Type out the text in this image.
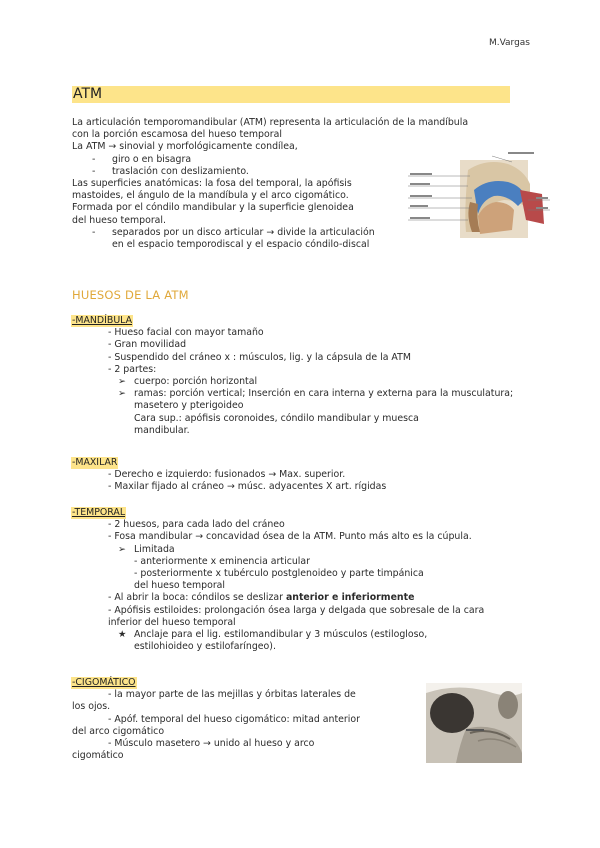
M.Vargas
ATM

La articulación temporomandibular (ATM) representa la articulación de la mandíbula
con la porción escamosa del hueso temporal

La ATM → sinovial y morfológicamente condílea,

-	giro o en bisagra
-	traslación con deslizamiento.

Las superficies anatómicas: la fosa del temporal, la apófisis
mastoides, el ángulo de la mandíbula y el arco cigomático.
Formada por el cóndilo mandibular y la superficie glenoidea
del hueso temporal.

-	separados por un disco articular → divide la articulación en el espacio temporodiscal y el espacio cóndilo-discal
HUESOS DE LA ATM
-MANDÍBULA
- Hueso facial con mayor tamaño
- Gran movilidad
- Suspendido del cráneo x : músculos, lig. y la cápsula de la ATM
- 2 partes:
➢ cuerpo: porción horizontal
➢ ramas: porción vertical; Inserción en cara interna y externa para la musculatura; masetero y pterigoideo
Cara sup.: apófisis coronoides, cóndilo mandibular y muesca mandibular.
-MAXILAR
- Derecho e izquierdo: fusionados → Max. superior.
- Maxilar fijado al cráneo → músc. adyacentes X art. rígidas
-TEMPORAL
- 2 huesos, para cada lado del cráneo
- Fosa mandibular → concavidad ósea de la ATM. Punto más alto es la cúpula.
➢ Limitada
- anteriormente x eminencia articular
- posteriormente x tubérculo postglenoideo y parte timpánica del hueso temporal
- Al abrir la boca: cóndilos se deslizar anterior e inferiormente
- Apófisis estiloides: prolongación ósea larga y delgada que sobresale de la cara inferior del hueso temporal
★ Anclaje para el lig. estilomandibular y 3 músculos (estilogloso, estilohioideo y estilofaríngeo).
-CIGOMÁTICO
- la mayor parte de las mejillas y órbitas laterales de
los ojos.
- Apóf. temporal del hueso cigomático: mitad anterior
del arco cigomático
- Músculo masetero → unido al hueso y arco
cigomático
